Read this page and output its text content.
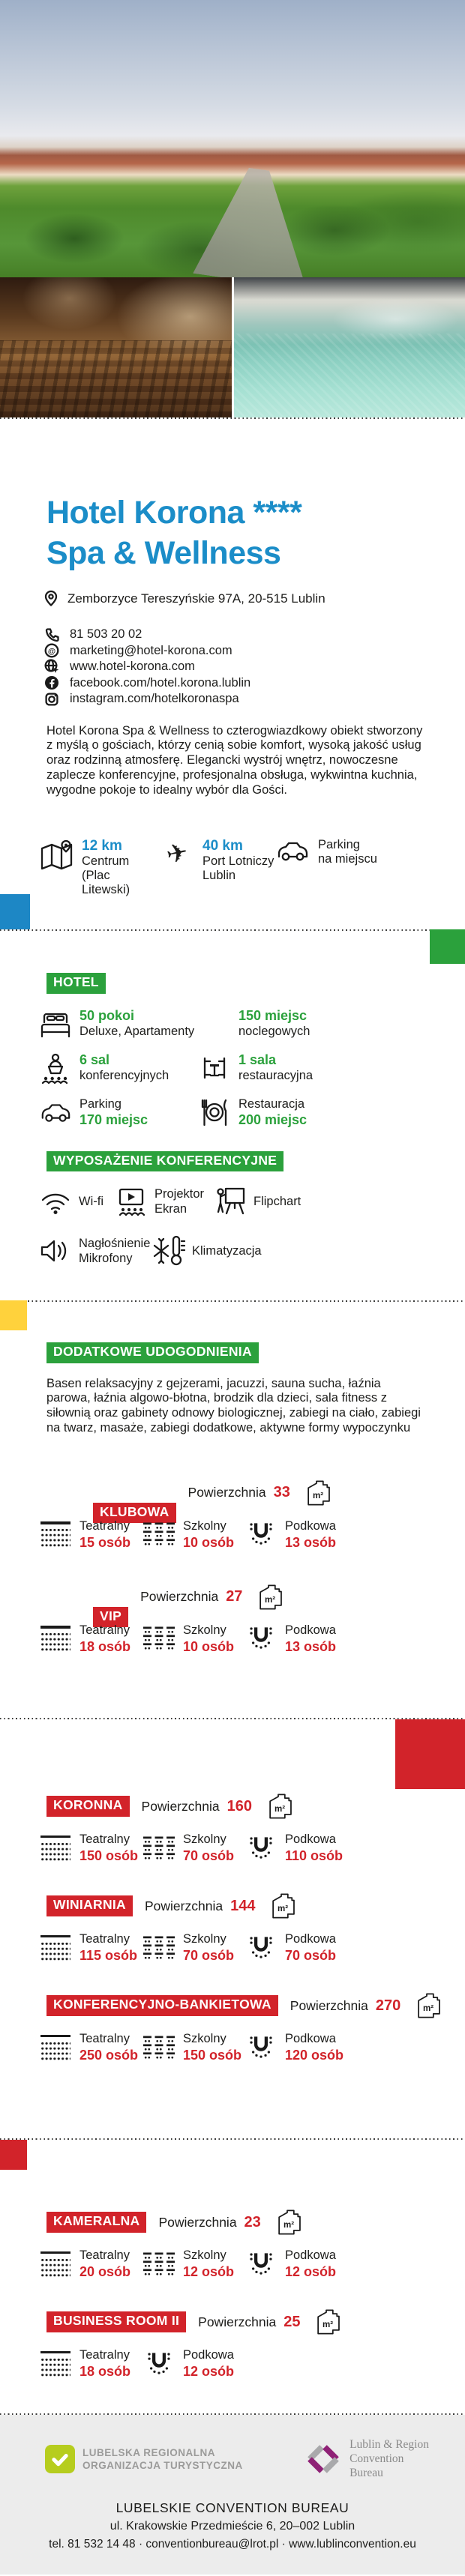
Hotel Korona ****
Spa & Wellness
Zemborzyce Tereszyńskie 97A, 20-515 Lublin
81 503 20 02
@ marketing@hotel-korona.com
www.hotel-korona.com
facebook.com/hotel.korona.lublin
instagram.com/hotelkoronaspa

Hotel Korona Spa & Wellness to czterogwiazdkowy obiekt stworzony z myślą o gościach, którzy cenią sobie komfort, wysoką jakość usług oraz rodzinną atmosferę. Elegancki wystrój wnętrz, nowoczesne zaplecze konferencyjne, profesjonalna obsługa, wykwintna kuchnia, wygodne pokoje to idealny wybór dla Gości.

12 km
Centrum
(Plac Litewski)
✈ 40 km
Port Lotniczy
Lublin
Parking
na miejscu
HOTEL
50 pokoi
Deluxe, Apartamenty
150 miejsc
noclegowych
6 sal
konferencyjnych
1 sala
restauracyjna
Parking
170 miejsc
Restauracja
200 miejsc
WYPOSAŻENIE KONFERENCYJNE
Wi-fi
Projektor
Ekran
Flipchart
Nagłośnienie
Mikrofony
Klimatyzacja
DODATKOWE UDOGODNIENIA

Basen relaksacyjny z gejzerami, jacuzzi, sauna sucha, łaźnia parowa, łaźnia algowo-błotna, brodzik dla dzieci, sala fitness z siłownią oraz gabinety odnowy biologicznej, zabiegi na ciało, zabiegi na twarz, masaże, zabiegi dodatkowe, aktywne formy wypoczynku

KLUBOWA
Powierzchnia 33 m²
Teatralny
15 osób
Szkolny
10 osób
Podkowa
13 osób
VIP
Powierzchnia 27 m²
Teatralny
18 osób
Szkolny
10 osób
Podkowa
13 osób
KORONNA	Powierzchnia 160 m²
Teatralny
150 osób
Szkolny
70 osób
Podkowa
110 osób
WINIARNIA	Powierzchnia 144 m²
Teatralny
115 osób
Szkolny
70 osób
Podkowa
70 osób
KONFERENCYJNO-BANKIETOWA	Powierzchnia 270 m²
Teatralny
250 osób
Szkolny
150 osób
Podkowa
120 osób
KAMERALNA	Powierzchnia 23 m²
Teatralny
20 osób
Szkolny
12 osób
Podkowa
12 osób
BUSINESS ROOM II	Powierzchnia 25 m²
Teatralny
18 osób
Podkowa
12 osób
LUBELSKA REGIONALNA
ORGANIZACJA TURYSTYCZNA
Lublin & Region
Convention
Bureau
LUBELSKIE CONVENTION BUREAU
ul. Krakowskie Przedmieście 6, 20–002 Lublin
tel. 81 532 14 48 · conventionbureau@lrot.pl · www.lublinconvention.eu
